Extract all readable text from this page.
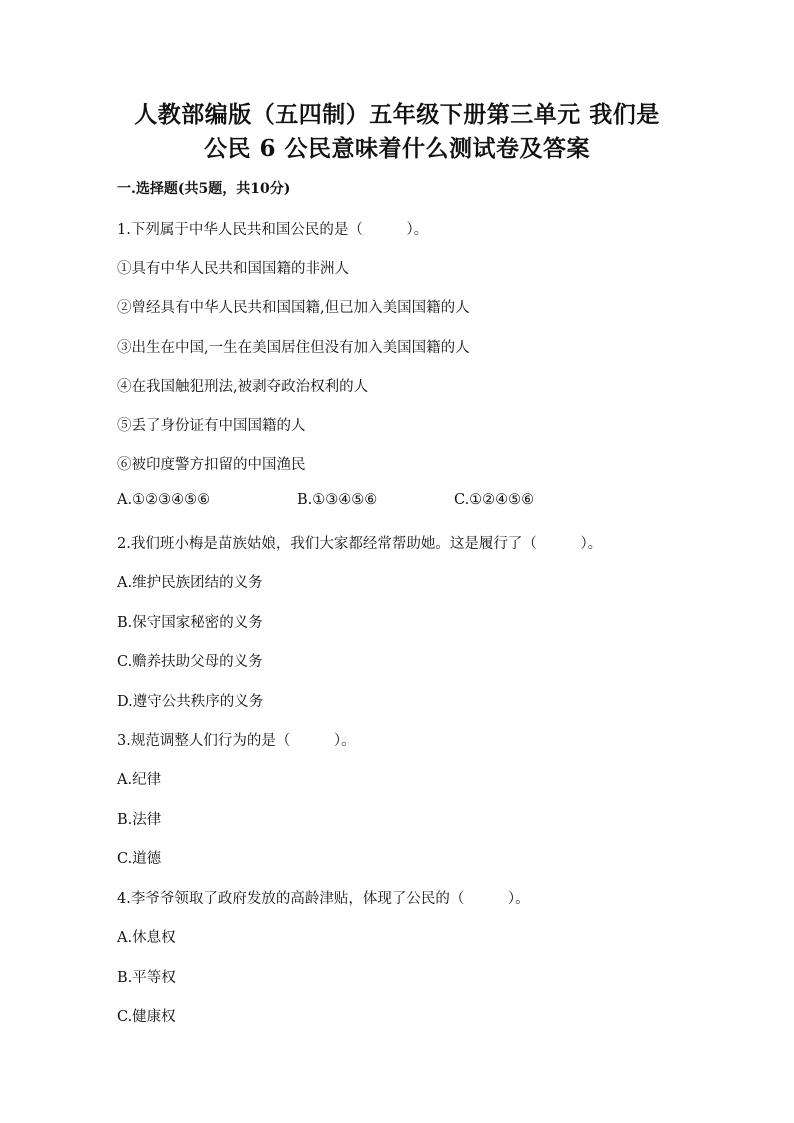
人教部编版（五四制）五年级下册第三单元 我们是
公民 6 公民意味着什么测试卷及答案
一.选择题(共5题，共10分)
1.下列属于中华人民共和国公民的是（　　　）。
①具有中华人民共和国国籍的非洲人
②曾经具有中华人民共和国国籍,但已加入美国国籍的人
③出生在中国,一生在美国居住但没有加入美国国籍的人
④在我国触犯刑法,被剥夺政治权利的人
⑤丢了身份证有中国国籍的人
⑥被印度警方扣留的中国渔民
A.①②③④⑤⑥	B.①③④⑤⑥	C.①②④⑤⑥
2.我们班小梅是苗族姑娘，我们大家都经常帮助她。这是履行了（　　　）。
A.维护民族团结的义务
B.保守国家秘密的义务
C.赡养扶助父母的义务
D.遵守公共秩序的义务
3.规范调整人们行为的是（　　　）。
A.纪律
B.法律
C.道德
4.李爷爷领取了政府发放的高龄津贴，体现了公民的（　　　）。
A.休息权
B.平等权
C.健康权
